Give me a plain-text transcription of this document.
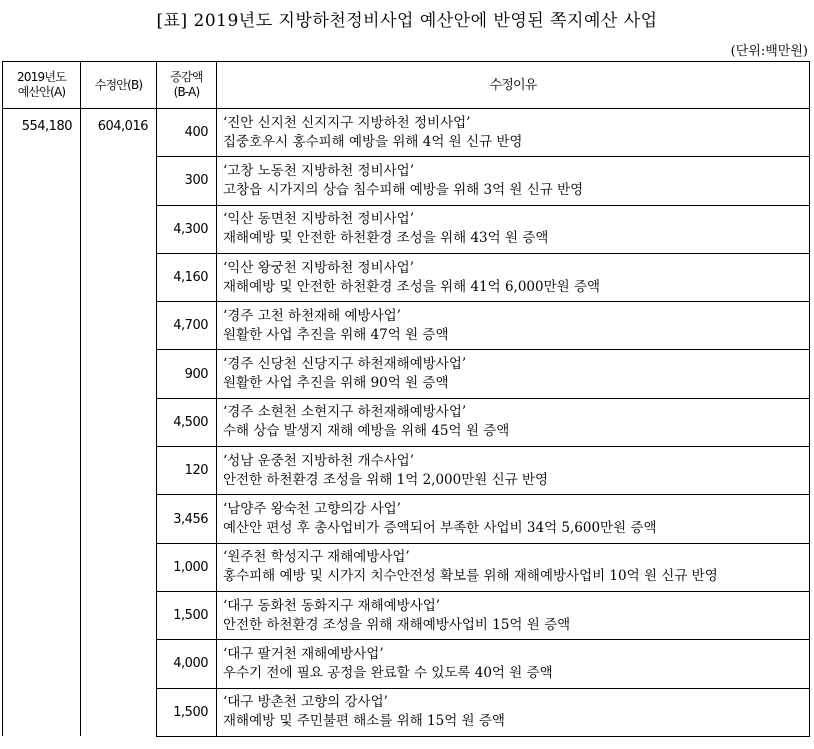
[표] 2019년도 지방하천정비사업 예산안에 반영된 쪽지예산 사업
(단위:백만원)
2019년도
예산안(A)	수정안(B)	증감액
(B-A)	수정이유
554,180	604,016	400	‘진안 신지천 신지지구 지방하천 정비사업’
집중호우시 홍수피해 예방을 위해 4억 원 신규 반영

		300	‘고창 노동천 지방하천 정비사업’
고창읍 시가지의 상습 침수피해 예방을 위해 3억 원 신규 반영

		4,300	‘익산 동면천 지방하천 정비사업’
재해예방 및 안전한 하천환경 조성을 위해 43억 원 증액

		4,160	‘익산 왕궁천 지방하천 정비사업’
재해예방 및 안전한 하천환경 조성을 위해 41억 6,000만원 증액

		4,700	‘경주 고천 하천재해 예방사업’
원활한 사업 추진을 위해 47억 원 증액

		900	‘경주 신당천 신당지구 하천재해예방사업’
원활한 사업 추진을 위해 90억 원 증액

		4,500	‘경주 소현천 소현지구 하천재해예방사업’
수해 상습 발생지 재해 예방을 위해 45억 원 증액

		120	‘성남 운중천 지방하천 개수사업’
안전한 하천환경 조성을 위해 1억 2,000만원 신규 반영

		3,456	‘남양주 왕숙천 고향의강 사업’
예산안 편성 후 총사업비가 증액되어 부족한 사업비 34억 5,600만원 증액

		1,000	‘원주천 학성지구 재해예방사업’
홍수피해 예방 및 시가지 치수안전성 확보를 위해 재해예방사업비 10억 원 신규 반영

		1,500	‘대구 동화천 동화지구 재해예방사업’
안전한 하천환경 조성을 위해 재해예방사업비 15억 원 증액

		4,000	‘대구 팔거천 재해예방사업’
우수기 전에 필요 공정을 완료할 수 있도록 40억 원 증액

		1,500	‘대구 방촌천 고향의 강사업’
재해예방 및 주민불편 해소를 위해 15억 원 증액
